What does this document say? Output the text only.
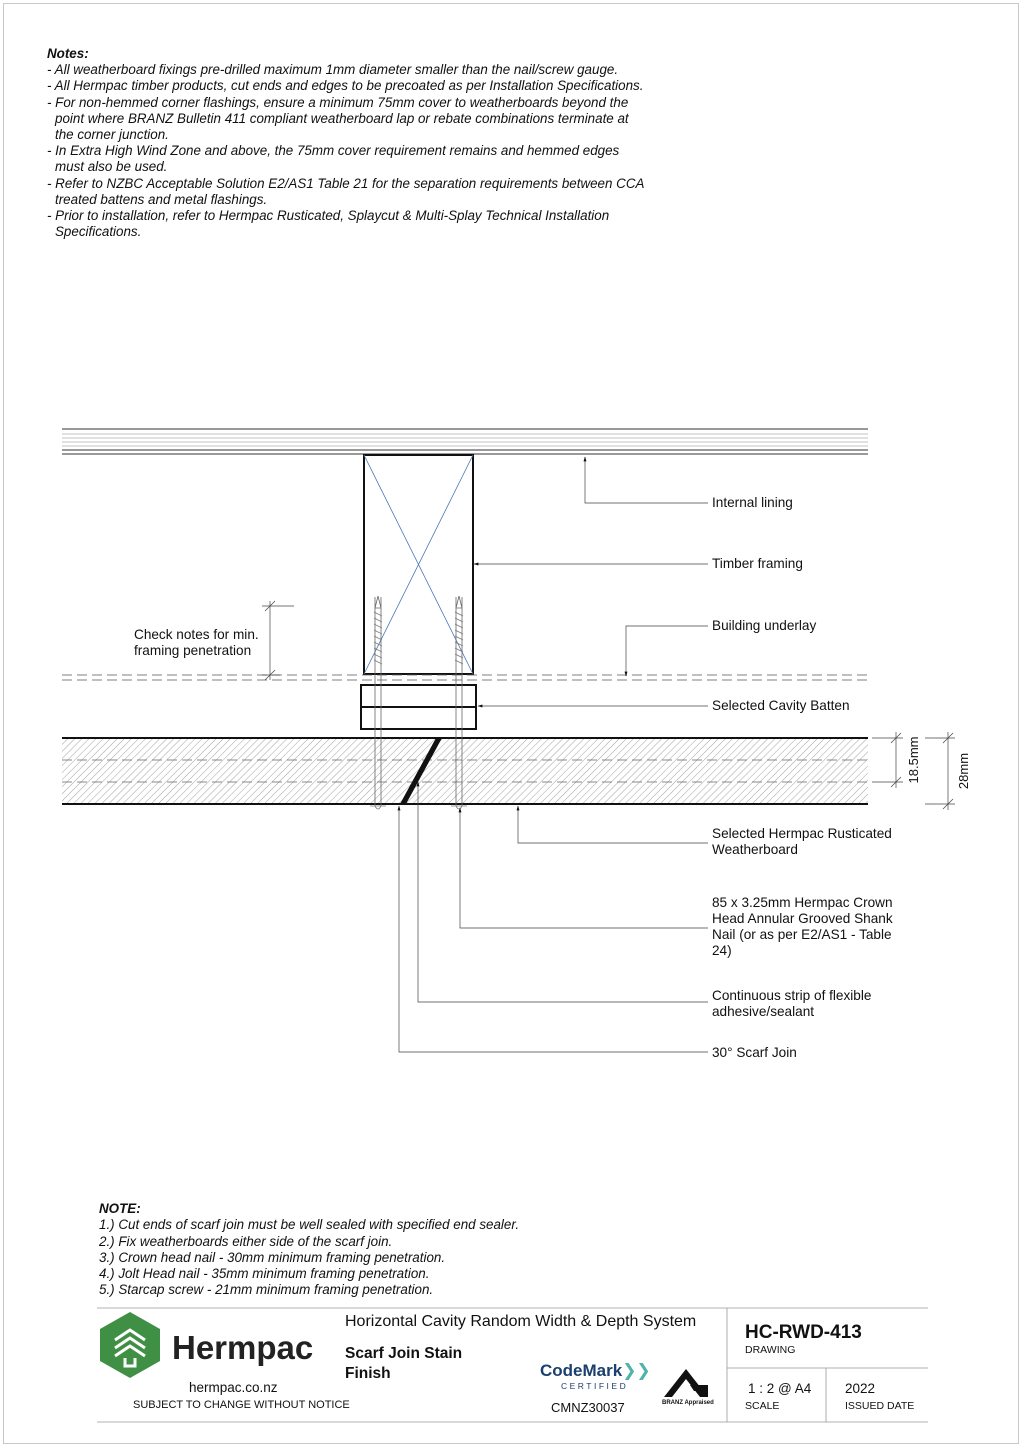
Notes:
- All weatherboard fixings pre-drilled maximum 1mm diameter smaller than the nail/screw gauge.
- All Hermpac timber products, cut ends and edges to be precoated as per Installation Specifications.
- For non-hemmed corner flashings, ensure a minimum 75mm cover to weatherboards beyond the
point where BRANZ Bulletin 411 compliant weatherboard lap or rebate combinations terminate at
the corner junction.
- In Extra High Wind Zone and above, the 75mm cover requirement remains and hemmed edges
must also be used.
- Refer to NZBC Acceptable Solution E2/AS1 Table 21 for the separation requirements between CCA
treated battens and metal flashings.
- Prior to installation, refer to Hermpac Rusticated, Splaycut & Multi-Splay Technical Installation
Specifications.
18.5mm	28mm
Internal lining
Timber framing
Building underlay
Check notes for min.
framing penetration
Selected Cavity Batten
Selected Hermpac Rusticated
Weatherboard
85 x 3.25mm Hermpac Crown
Head Annular Grooved Shank
Nail (or as per E2/AS1 - Table
24)
Continuous strip of flexible
adhesive/sealant
30° Scarf Join
NOTE:
1.) Cut ends of scarf join must be well sealed with specified end sealer.
2.) Fix weatherboards either side of the scarf join.
3.) Crown head nail - 30mm minimum framing penetration.
4.) Jolt Head nail - 35mm minimum framing penetration.
5.) Starcap screw - 21mm minimum framing penetration.
Hermpac
hermpac.co.nz
SUBJECT TO CHANGE WITHOUT NOTICE
Horizontal Cavity Random Width & Depth System
Scarf Join Stain
Finish	CodeMark❯❯
CERTIFIED
CMNZ30037	BRANZ Appraised
HC-RWD-413
DRAWING
1 : 2 @ A4
SCALE
2022
ISSUED DATE
